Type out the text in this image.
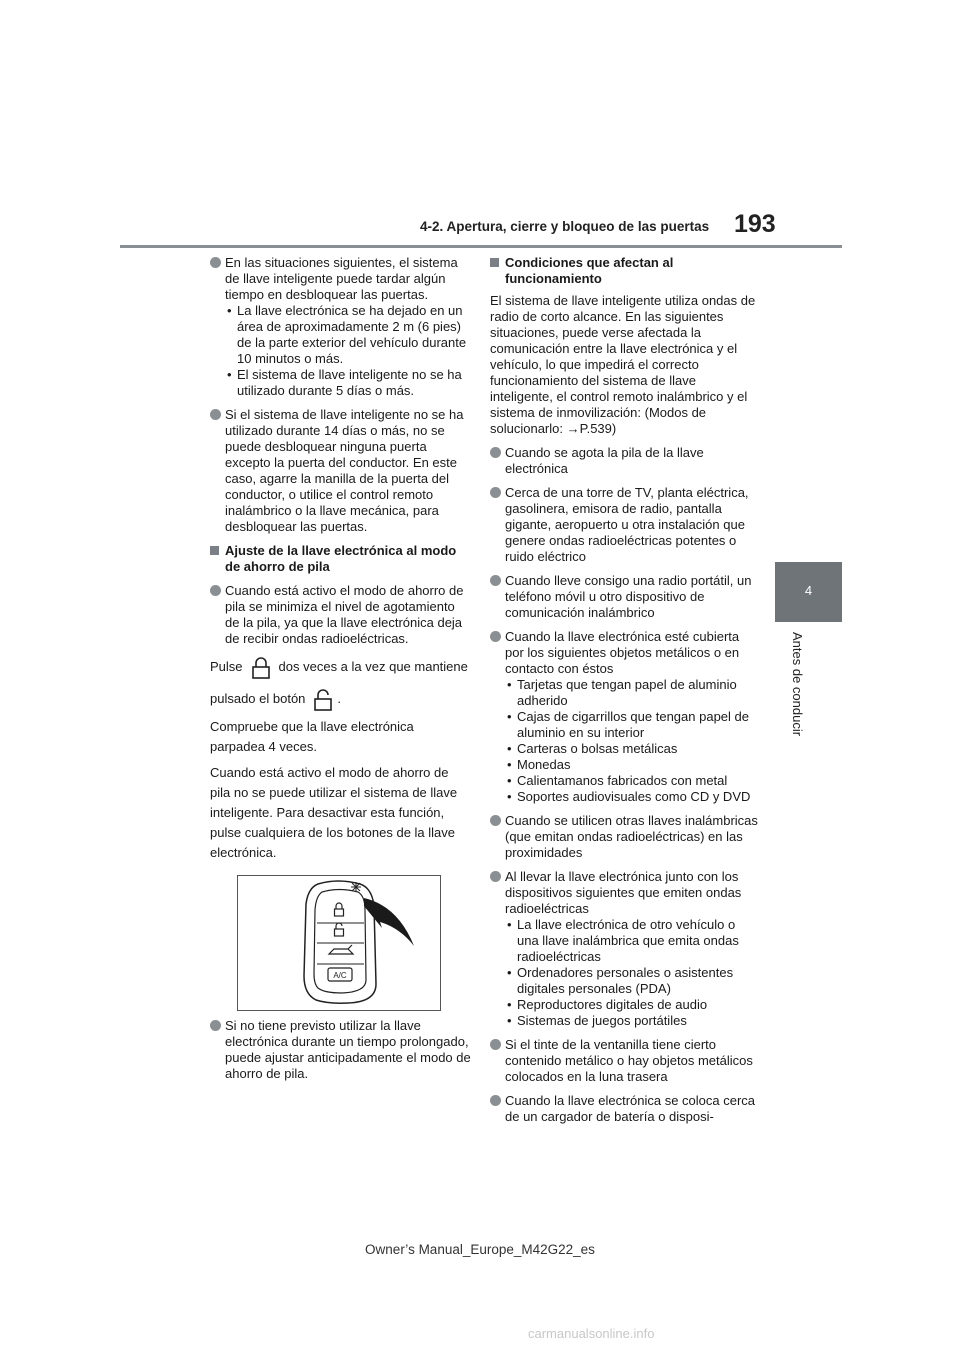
4-2. Apertura, cierre y bloqueo de las puertas 193
4
Antes de conducir

En las situaciones siguientes, el sistema de llave inteligente puede tardar algún tiempo en desbloquear las puertas.

• La llave electrónica se ha dejado en un área de aproximadamente 2 m (6 pies) de la parte exterior del vehículo durante 10 minutos o más.

• El sistema de llave inteligente no se ha utilizado durante 5 días o más.

Si el sistema de llave inteligente no se ha utilizado durante 14 días o más, no se puede desbloquear ninguna puerta excepto la puerta del conductor. En este caso, agarre la manilla de la puerta del conductor, o utilice el control remoto inalámbrico o la llave mecánica, para desbloquear las puertas.

Ajuste de la llave electrónica al modo de ahorro de pila

Cuando está activo el modo de ahorro de pila se minimiza el nivel de agotamiento de la pila, ya que la llave electrónica deja de recibir ondas radioeléctricas.

Pulse	dos veces a la vez que mantiene

pulsado el botón .

Compruebe que la llave electrónica parpadea 4 veces.

Cuando está activo el modo de ahorro de pila no se puede utilizar el sistema de llave inteligente. Para desactivar esta función, pulse cualquiera de los botones de la llave electrónica.

A/C

Si no tiene previsto utilizar la llave electrónica durante un tiempo prolongado, puede ajustar anticipadamente el modo de ahorro de pila.

Condiciones que afectan al funcionamiento

El sistema de llave inteligente utiliza ondas de radio de corto alcance. En las siguientes situaciones, puede verse afectada la comunicación entre la llave electrónica y el vehículo, lo que impedirá el correcto funcionamiento del sistema de llave inteligente, el control remoto inalámbrico y el sistema de inmovilización: (Modos de solucionarlo: →P.539)

Cuando se agota la pila de la llave electrónica

Cerca de una torre de TV, planta eléctrica, gasolinera, emisora de radio, pantalla gigante, aeropuerto u otra instalación que genere ondas radioeléctricas potentes o ruido eléctrico

Cuando lleve consigo una radio portátil, un teléfono móvil u otro dispositivo de comunicación inalámbrico

Cuando la llave electrónica esté cubierta por los siguientes objetos metálicos o en contacto con éstos

• Tarjetas que tengan papel de aluminio adherido

• Cajas de cigarrillos que tengan papel de aluminio en su interior

• Carteras o bolsas metálicas

• Monedas

• Calientamanos fabricados con metal

• Soportes audiovisuales como CD y DVD

Cuando se utilicen otras llaves inalámbricas (que emitan ondas radioeléctricas) en las proximidades

Al llevar la llave electrónica junto con los dispositivos siguientes que emiten ondas radioeléctricas

• La llave electrónica de otro vehículo o una llave inalámbrica que emita ondas radioeléctricas

• Ordenadores personales o asistentes digitales personales (PDA)

• Reproductores digitales de audio

• Sistemas de juegos portátiles

Si el tinte de la ventanilla tiene cierto contenido metálico o hay objetos metálicos colocados en la luna trasera

Cuando la llave electrónica se coloca cerca de un cargador de batería o disposi-

Owner’s Manual_Europe_M42G22_es
carmanualsonline.info
